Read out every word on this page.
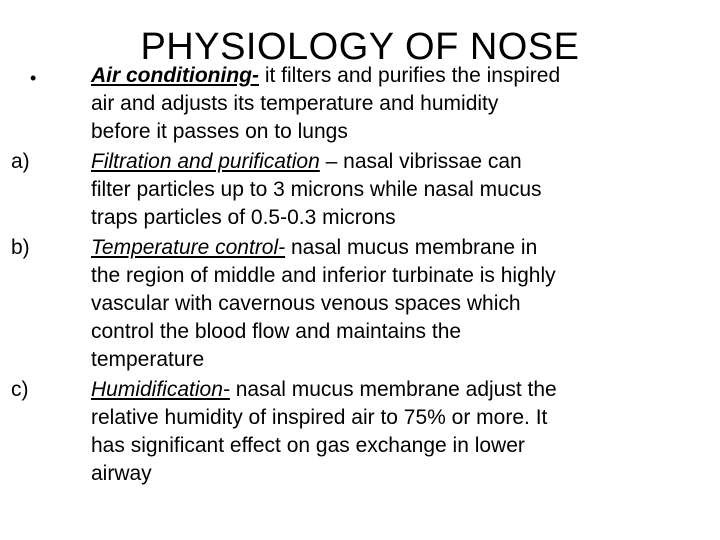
PHYSIOLOGY OF NOSE
•	Air conditioning- it filters and purifies the inspired
air and adjusts its temperature and humidity
before it passes on to lungs
a)	Filtration and purification – nasal vibrissae can
filter particles up to 3 microns while nasal mucus
traps particles of 0.5-0.3 microns
b)	Temperature control- nasal mucus membrane in
the region of middle and inferior turbinate is highly
vascular with cavernous venous spaces which
control the blood flow and maintains the
temperature
c)	Humidification- nasal mucus membrane adjust the
relative humidity of inspired air to 75% or more. It
has significant effect on gas exchange in lower
airway
